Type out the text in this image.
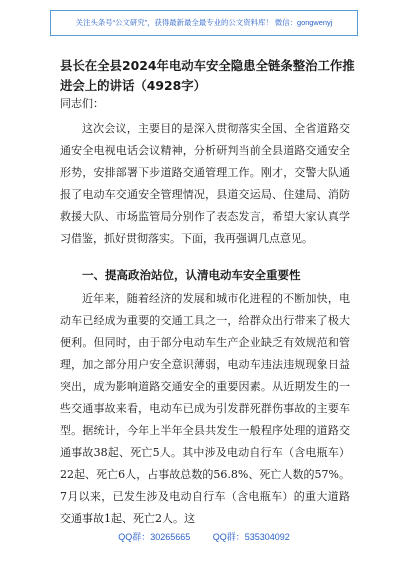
关注头条号“公文研究”，获得最新最全最专业的公文资料库！ 微信：gongwenyj
县长在全县2024年电动车安全隐患全链条整治工作推进会上的讲话（4928字）
同志们：

这次会议，主要目的是深入贯彻落实全国、全省道路交通安全电视电话会议精神，分析研判当前全县道路交通安全形势，安排部署下步道路交通管理工作。刚才，交警大队通报了电动车交通安全管理情况，县道交运局、住建局、消防救援大队、市场监管局分别作了表态发言，希望大家认真学习借鉴，抓好贯彻落实。下面，我再强调几点意见。

一、提高政治站位，认清电动车安全重要性

近年来，随着经济的发展和城市化进程的不断加快，电动车已经成为重要的交通工具之一，给群众出行带来了极大便利。但同时，由于部分电动车生产企业缺乏有效规范和管理，加之部分用户安全意识薄弱，电动车违法违规现象日益突出，成为影响道路交通安全的重要因素。从近期发生的一些交通事故来看，电动车已成为引发群死群伤事故的主要车型。据统计，今年上半年全县共发生一般程序处理的道路交通事故38起、死亡5人。其中涉及电动自行车（含电瓶车）22起、死亡6人，占事故总数的56.8%、死亡人数的57%。7月以来，已发生涉及电动自行车（含电瓶车）的重大道路交通事故1起、死亡2人。这

QQ群：30265665	QQ群：535304092
